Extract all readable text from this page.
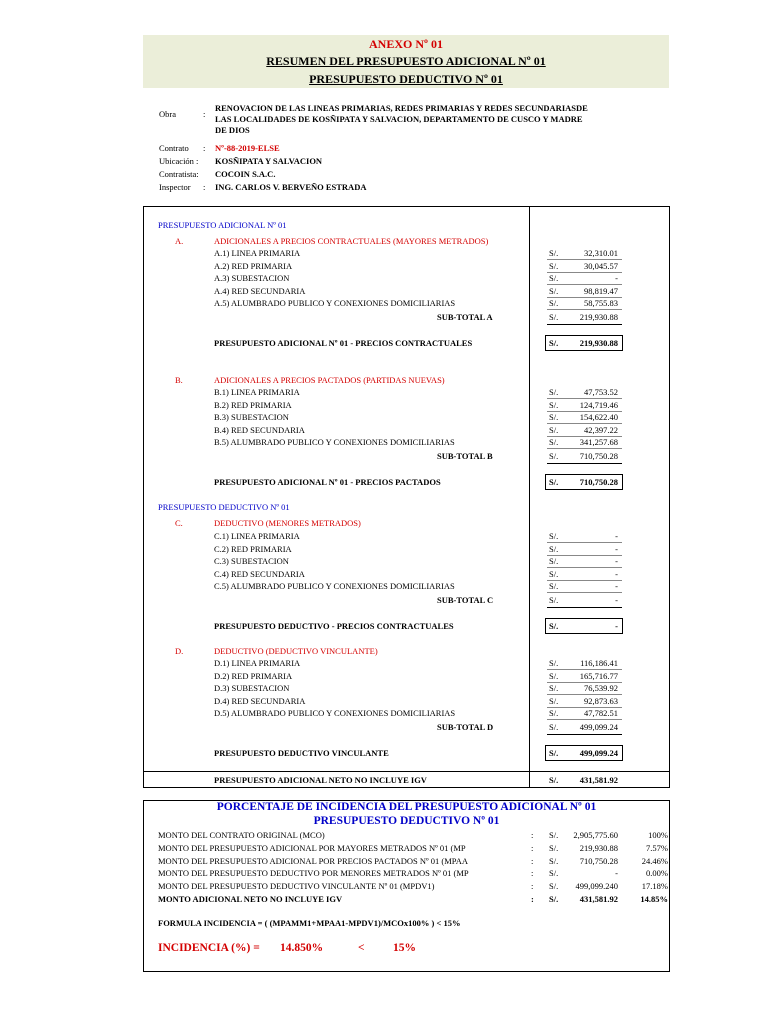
ANEXO Nº 01
RESUMEN DEL PRESUPUESTO ADICIONAL Nº 01
PRESUPUESTO DEDUCTIVO Nº 01
Obra	:
RENOVACION DE LAS LINEAS PRIMARIAS, REDES PRIMARIAS Y REDES SECUNDARIASDE
LAS LOCALIDADES DE KOSÑIPATA Y SALVACION, DEPARTAMENTO DE CUSCO Y MADRE
DE DIOS
Contrato : Nº-88-2019-ELSE
Ubicación : KOSÑIPATA Y SALVACION
Contratista: COCOIN S.A.C.
Inspector : ING. CARLOS V. BERVEÑO ESTRADA
PRESUPUESTO ADICIONAL Nº 01
A.	ADICIONALES A PRECIOS CONTRACTUALES (MAYORES METRADOS)
A.1) LINEA PRIMARIA	S/.	32,310.01
A.2) RED PRIMARIA	S/.	30,045.57
A.3) SUBESTACION	S/.	-
A.4) RED SECUNDARIA	S/.	98,819.47
A.5) ALUMBRADO PUBLICO Y CONEXIONES DOMICILIARIAS	S/.	58,755.83
SUB-TOTAL A	S/.	219,930.88
PRESUPUESTO ADICIONAL Nº 01 - PRECIOS CONTRACTUALES	S/.	219,930.88
B.	ADICIONALES A PRECIOS PACTADOS (PARTIDAS NUEVAS)
B.1) LINEA PRIMARIA	S/.	47,753.52
B.2) RED PRIMARIA	S/.	124,719.46
B.3) SUBESTACION	S/.	154,622.40
B.4) RED SECUNDARIA	S/.	42,397.22
B.5) ALUMBRADO PUBLICO Y CONEXIONES DOMICILIARIAS	S/.	341,257.68
SUB-TOTAL B	S/.	710,750.28
PRESUPUESTO ADICIONAL Nº 01 - PRECIOS PACTADOS	S/.	710,750.28
PRESUPUESTO DEDUCTIVO Nº 01
C.	DEDUCTIVO (MENORES METRADOS)
C.1) LINEA PRIMARIA	S/.	-
C.2) RED PRIMARIA	S/.	-
C.3) SUBESTACION	S/.	-
C.4) RED SECUNDARIA	S/.	-
C.5) ALUMBRADO PUBLICO Y CONEXIONES DOMICILIARIAS	S/.	-
SUB-TOTAL C	S/.	-
PRESUPUESTO DEDUCTIVO - PRECIOS CONTRACTUALES	S/.	-
D.	DEDUCTIVO (DEDUCTIVO VINCULANTE)
D.1) LINEA PRIMARIA	S/.	116,186.41
D.2) RED PRIMARIA	S/.	165,716.77
D.3) SUBESTACION	S/.	76,539.92
D.4) RED SECUNDARIA	S/.	92,873.63
D.5) ALUMBRADO PUBLICO Y CONEXIONES DOMICILIARIAS	S/.	47,782.51
SUB-TOTAL D	S/.	499,099.24
PRESUPUESTO DEDUCTIVO VINCULANTE	S/.	499,099.24
PRESUPUESTO ADICIONAL NETO NO INCLUYE IGV	S/.	431,581.92
PORCENTAJE DE INCIDENCIA DEL PRESUPUESTO ADICIONAL Nº 01
PRESUPUESTO DEDUCTIVO Nº 01
MONTO DEL CONTRATO ORIGINAL (MCO)	: S/.	2,905,775.60	100%
MONTO DEL PRESUPUESTO ADICIONAL POR MAYORES METRADOS Nº 01 (MP	: S/.	219,930.88	7.57%
MONTO DEL PRESUPUESTO ADICIONAL POR PRECIOS PACTADOS Nº 01 (MPAA	: S/.	710,750.28	24.46%
MONTO DEL PRESUPUESTO DEDUCTIVO POR MENORES METRADOS Nº 01 (MP	: S/.	-	0.00%
MONTO DEL PRESUPUESTO DEDUCTIVO VINCULANTE Nº 01 (MPDV1)	: S/.	499,099.240	17.18%
MONTO ADICIONAL NETO NO INCLUYE IGV	: S/.	431,581.92	14.85%
FORMULA INCIDENCIA = ( (MPAMM1+MPAA1-MPDV1)/MCOx100% ) < 15%
INCIDENCIA (%) = 14.850%	< 15%
